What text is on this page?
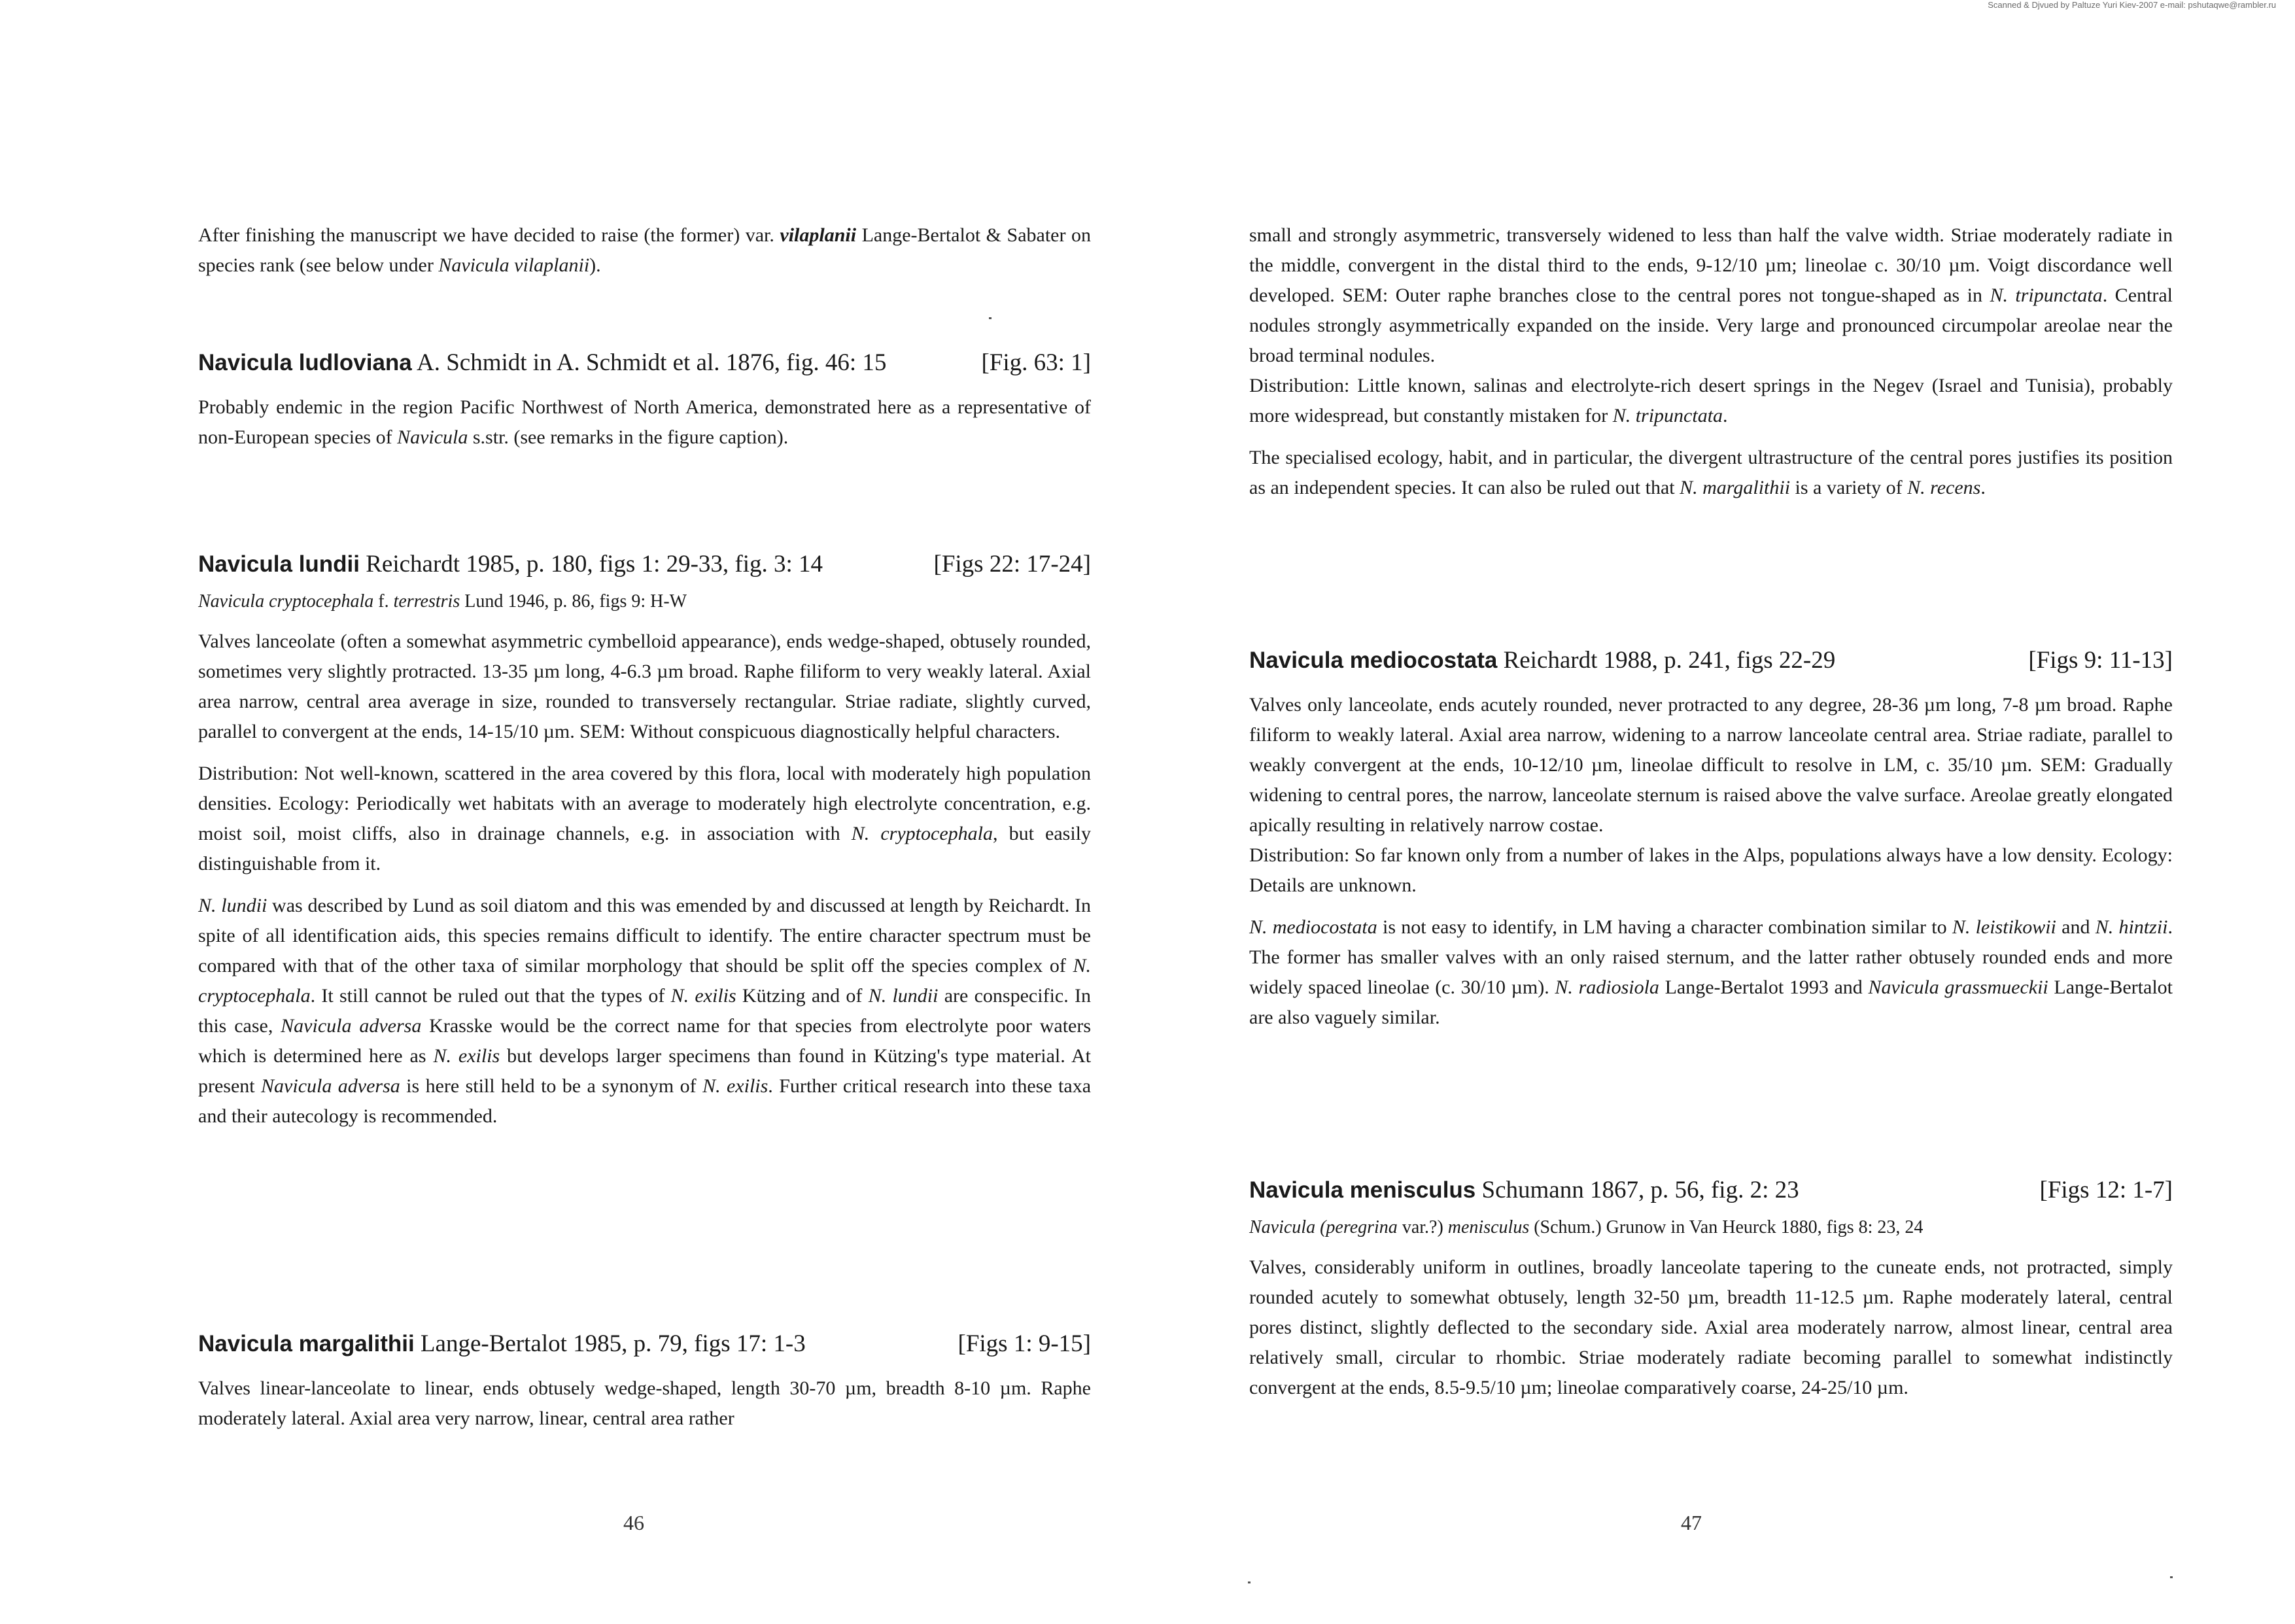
Scanned & Djvued by Paltuze Yuri Kiev-2007 e-mail: pshutaqwe@rambler.ru

After finishing the manuscript we have decided to raise (the former) var. vilaplanii Lange-Bertalot & Sabater on species rank (see below under Navicula vilaplanii).

Navicula ludloviana A. Schmidt in A. Schmidt et al. 1876, fig. 46: 15	[Fig. 63: 1]

Probably endemic in the region Pacific Northwest of North America, demonstrated here as a representative of non-European species of Navicula s.str. (see remarks in the figure caption).

Navicula lundii Reichardt 1985, p. 180, figs 1: 29-33, fig. 3: 14	[Figs 22: 17-24]
Navicula cryptocephala f. terrestris Lund 1946, p. 86, figs 9: H-W

Valves lanceolate (often a somewhat asymmetric cymbelloid appearance), ends wedge-shaped, obtusely rounded, sometimes very slightly protracted. 13-35 µm long, 4-6.3 µm broad. Raphe filiform to very weakly lateral. Axial area narrow, central area average in size, rounded to transversely rectangular. Striae radiate, slightly curved, parallel to convergent at the ends, 14-15/10 µm. SEM: Without conspicuous diagnostically helpful characters.

Distribution: Not well-known, scattered in the area covered by this flora, local with moderately high population densities. Ecology: Periodically wet habitats with an average to moderately high electrolyte concentration, e.g. moist soil, moist cliffs, also in drainage channels, e.g. in association with N. cryptocephala, but easily distinguishable from it.

N. lundii was described by Lund as soil diatom and this was emended by and discussed at length by Reichardt. In spite of all identification aids, this species remains difficult to identify. The entire character spectrum must be compared with that of the other taxa of similar morphology that should be split off the species complex of N. cryptocephala. It still cannot be ruled out that the types of N. exilis Kützing and of N. lundii are conspecific. In this case, Navicula adversa Krasske would be the correct name for that species from electrolyte poor waters which is determined here as N. exilis but develops larger specimens than found in Kützing's type material. At present Navicula adversa is here still held to be a synonym of N. exilis. Further critical research into these taxa and their autecology is recommended.

Navicula margalithii Lange-Bertalot 1985, p. 79, figs 17: 1-3	[Figs 1: 9-15]

Valves linear-lanceolate to linear, ends obtusely wedge-shaped, length 30-70 µm, breadth 8-10 µm. Raphe moderately lateral. Axial area very narrow, linear, central area rather

46

small and strongly asymmetric, transversely widened to less than half the valve width. Striae moderately radiate in the middle, convergent in the distal third to the ends, 9-12/10 µm; lineolae c. 30/10 µm. Voigt discordance well developed. SEM: Outer raphe branches close to the central pores not tongue-shaped as in N. tripunctata. Central nodules strongly asymmetrically expanded on the inside. Very large and pronounced circumpolar areolae near the broad terminal nodules.

Distribution: Little known, salinas and electrolyte-rich desert springs in the Negev (Israel and Tunisia), probably more widespread, but constantly mistaken for N. tripunctata.

The specialised ecology, habit, and in particular, the divergent ultrastructure of the central pores justifies its position as an independent species. It can also be ruled out that N. margalithii is a variety of N. recens.

Navicula mediocostata Reichardt 1988, p. 241, figs 22-29	[Figs 9: 11-13]

Valves only lanceolate, ends acutely rounded, never protracted to any degree, 28-36 µm long, 7-8 µm broad. Raphe filiform to weakly lateral. Axial area narrow, widening to a narrow lanceolate central area. Striae radiate, parallel to weakly convergent at the ends, 10-12/10 µm, lineolae difficult to resolve in LM, c. 35/10 µm. SEM: Gradually widening to central pores, the narrow, lanceolate sternum is raised above the valve surface. Areolae greatly elongated apically resulting in relatively narrow costae.

Distribution: So far known only from a number of lakes in the Alps, populations always have a low density. Ecology: Details are unknown.

N. mediocostata is not easy to identify, in LM having a character combination similar to N. leistikowii and N. hintzii. The former has smaller valves with an only raised sternum, and the latter rather obtusely rounded ends and more widely spaced lineolae (c. 30/10 µm). N. radiosiola Lange-Bertalot 1993 and Navicula grassmueckii Lange-Bertalot are also vaguely similar.

Navicula menisculus Schumann 1867, p. 56, fig. 2: 23	[Figs 12: 1-7]
Navicula (peregrina var.?) menisculus (Schum.) Grunow in Van Heurck 1880, figs 8: 23, 24

Valves, considerably uniform in outlines, broadly lanceolate tapering to the cuneate ends, not protracted, simply rounded acutely to somewhat obtusely, length 32-50 µm, breadth 11-12.5 µm. Raphe moderately lateral, central pores distinct, slightly deflected to the secondary side. Axial area moderately narrow, almost linear, central area relatively small, circular to rhombic. Striae moderately radiate becoming parallel to somewhat indistinctly convergent at the ends, 8.5-9.5/10 µm; lineolae comparatively coarse, 24-25/10 µm.

47
